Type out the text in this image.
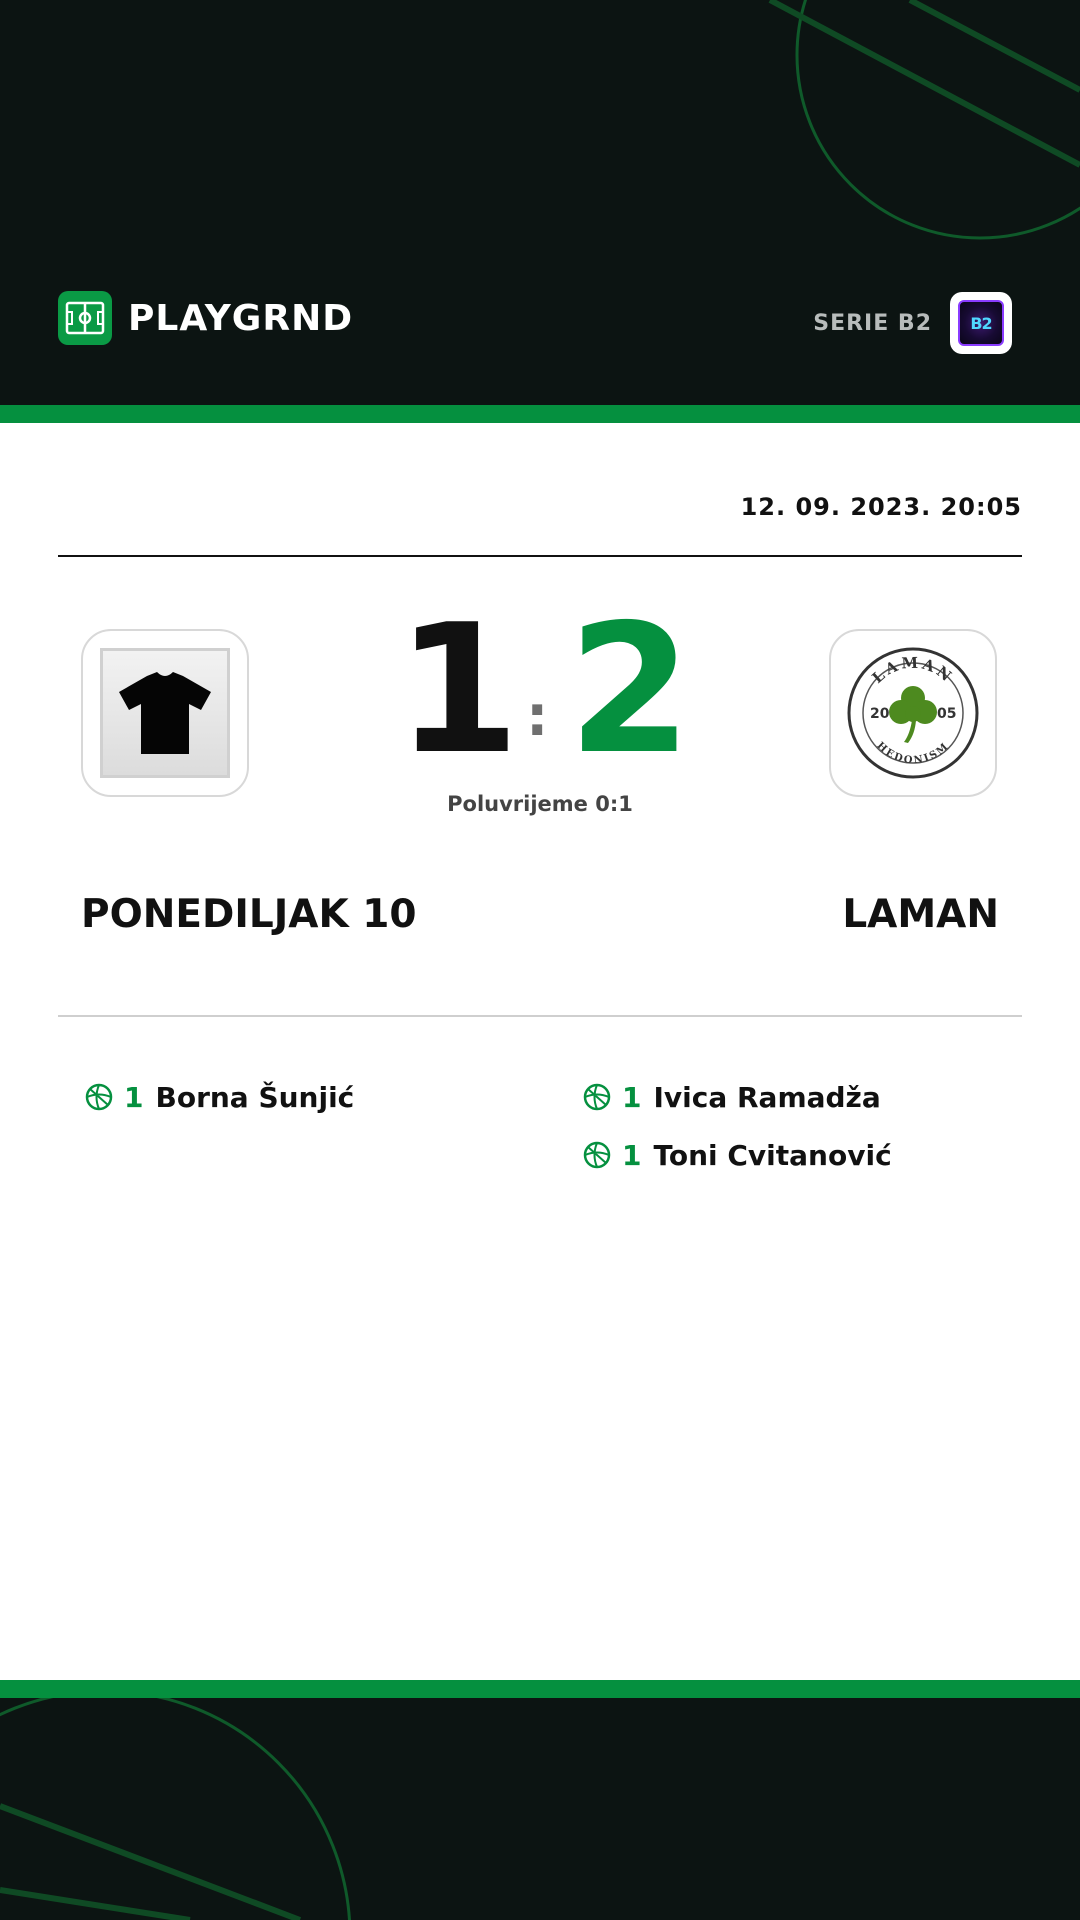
PLAYGRND	SERIE B2	B2
12. 09. 2023. 20:05
1 : 2
Poluvrijeme 0:1
LAMAN
HEDONISM
20	05
PONEDILJAK 10	LAMAN
1 Borna Šunjić	1 Ivica Ramadža
1 Toni Cvitanović
